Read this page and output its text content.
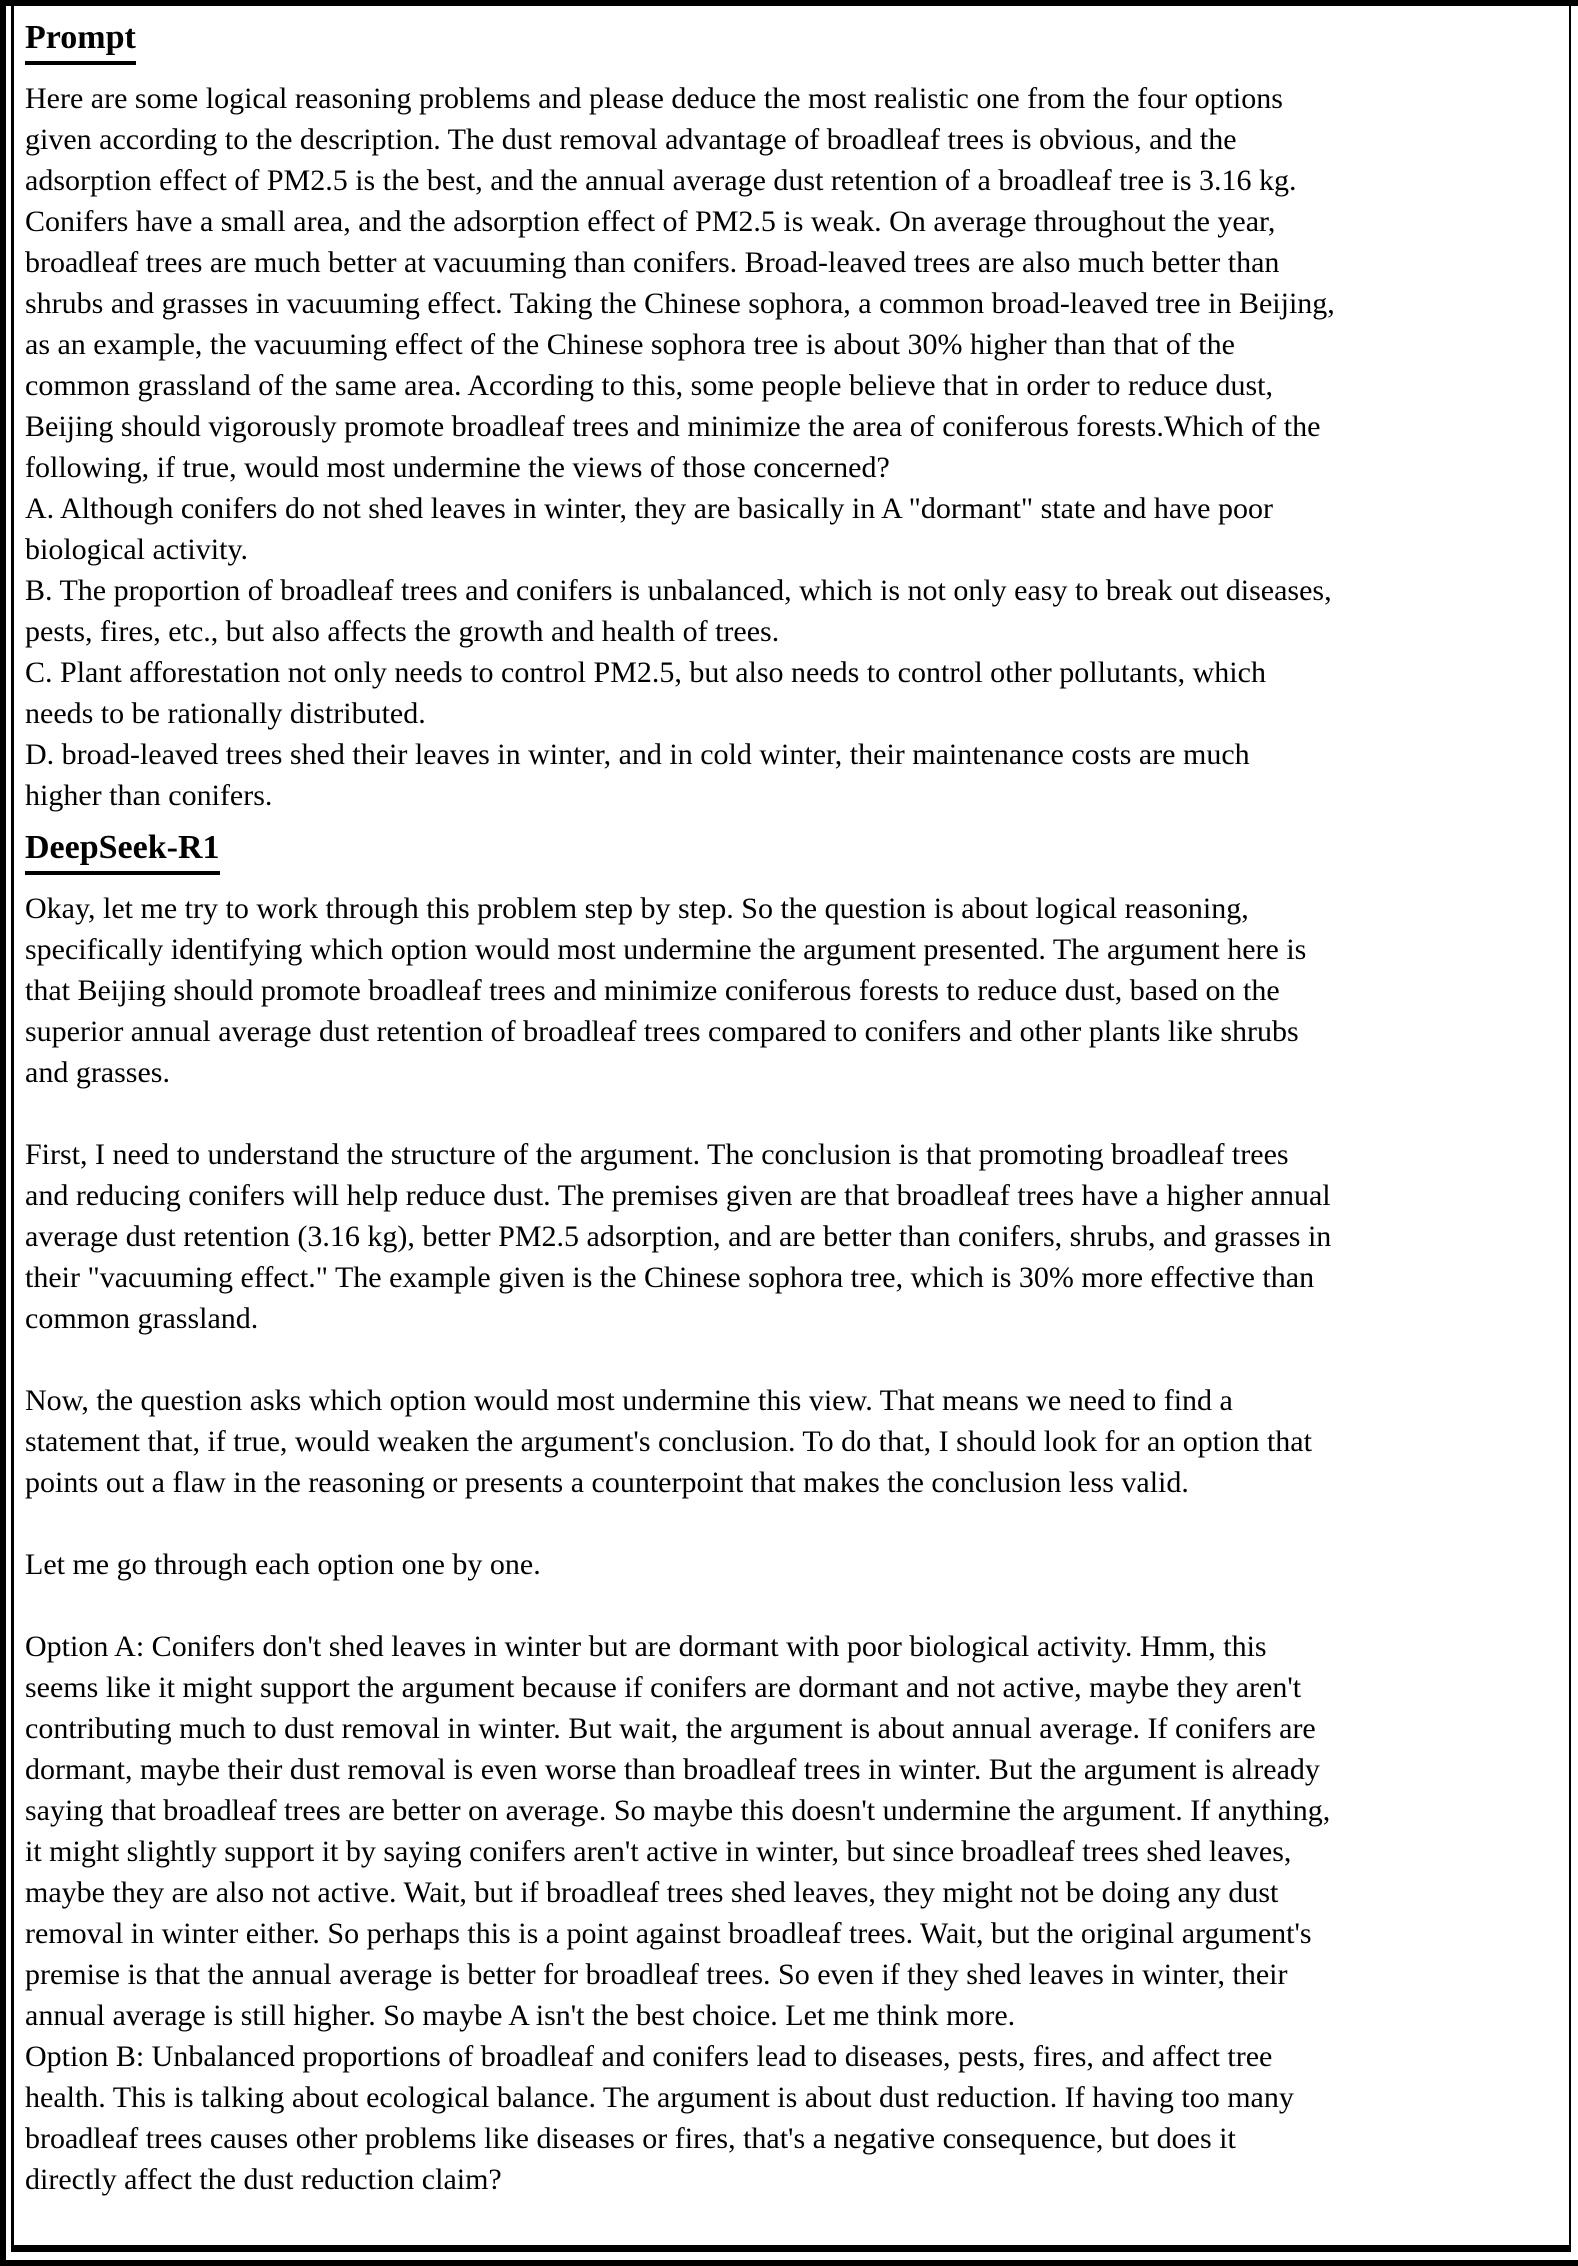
Prompt
Here are some logical reasoning problems and please deduce the most realistic one from the four options
given according to the description. The dust removal advantage of broadleaf trees is obvious, and the
adsorption effect of PM2.5 is the best, and the annual average dust retention of a broadleaf tree is 3.16 kg.
Conifers have a small area, and the adsorption effect of PM2.5 is weak. On average throughout the year,
broadleaf trees are much better at vacuuming than conifers. Broad-leaved trees are also much better than
shrubs and grasses in vacuuming effect. Taking the Chinese sophora, a common broad-leaved tree in Beijing,
as an example, the vacuuming effect of the Chinese sophora tree is about 30% higher than that of the
common grassland of the same area. According to this, some people believe that in order to reduce dust,
Beijing should vigorously promote broadleaf trees and minimize the area of coniferous forests.Which of the
following, if true, would most undermine the views of those concerned?
A. Although conifers do not shed leaves in winter, they are basically in A "dormant" state and have poor
biological activity.
B. The proportion of broadleaf trees and conifers is unbalanced, which is not only easy to break out diseases,
pests, fires, etc., but also affects the growth and health of trees.
C. Plant afforestation not only needs to control PM2.5, but also needs to control other pollutants, which
needs to be rationally distributed.
D. broad-leaved trees shed their leaves in winter, and in cold winter, their maintenance costs are much
higher than conifers.
DeepSeek-R1
Okay, let me try to work through this problem step by step. So the question is about logical reasoning,
specifically identifying which option would most undermine the argument presented. The argument here is
that Beijing should promote broadleaf trees and minimize coniferous forests to reduce dust, based on the
superior annual average dust retention of broadleaf trees compared to conifers and other plants like shrubs
and grasses.
First, I need to understand the structure of the argument. The conclusion is that promoting broadleaf trees
and reducing conifers will help reduce dust. The premises given are that broadleaf trees have a higher annual
average dust retention (3.16 kg), better PM2.5 adsorption, and are better than conifers, shrubs, and grasses in
their "vacuuming effect." The example given is the Chinese sophora tree, which is 30% more effective than
common grassland.
Now, the question asks which option would most undermine this view. That means we need to find a
statement that, if true, would weaken the argument's conclusion. To do that, I should look for an option that
points out a flaw in the reasoning or presents a counterpoint that makes the conclusion less valid.
Let me go through each option one by one.
Option A: Conifers don't shed leaves in winter but are dormant with poor biological activity. Hmm, this
seems like it might support the argument because if conifers are dormant and not active, maybe they aren't
contributing much to dust removal in winter. But wait, the argument is about annual average. If conifers are
dormant, maybe their dust removal is even worse than broadleaf trees in winter. But the argument is already
saying that broadleaf trees are better on average. So maybe this doesn't undermine the argument. If anything,
it might slightly support it by saying conifers aren't active in winter, but since broadleaf trees shed leaves,
maybe they are also not active. Wait, but if broadleaf trees shed leaves, they might not be doing any dust
removal in winter either. So perhaps this is a point against broadleaf trees. Wait, but the original argument's
premise is that the annual average is better for broadleaf trees. So even if they shed leaves in winter, their
annual average is still higher. So maybe A isn't the best choice. Let me think more.
Option B: Unbalanced proportions of broadleaf and conifers lead to diseases, pests, fires, and affect tree
health. This is talking about ecological balance. The argument is about dust reduction. If having too many
broadleaf trees causes other problems like diseases or fires, that's a negative consequence, but does it
directly affect the dust reduction claim?
